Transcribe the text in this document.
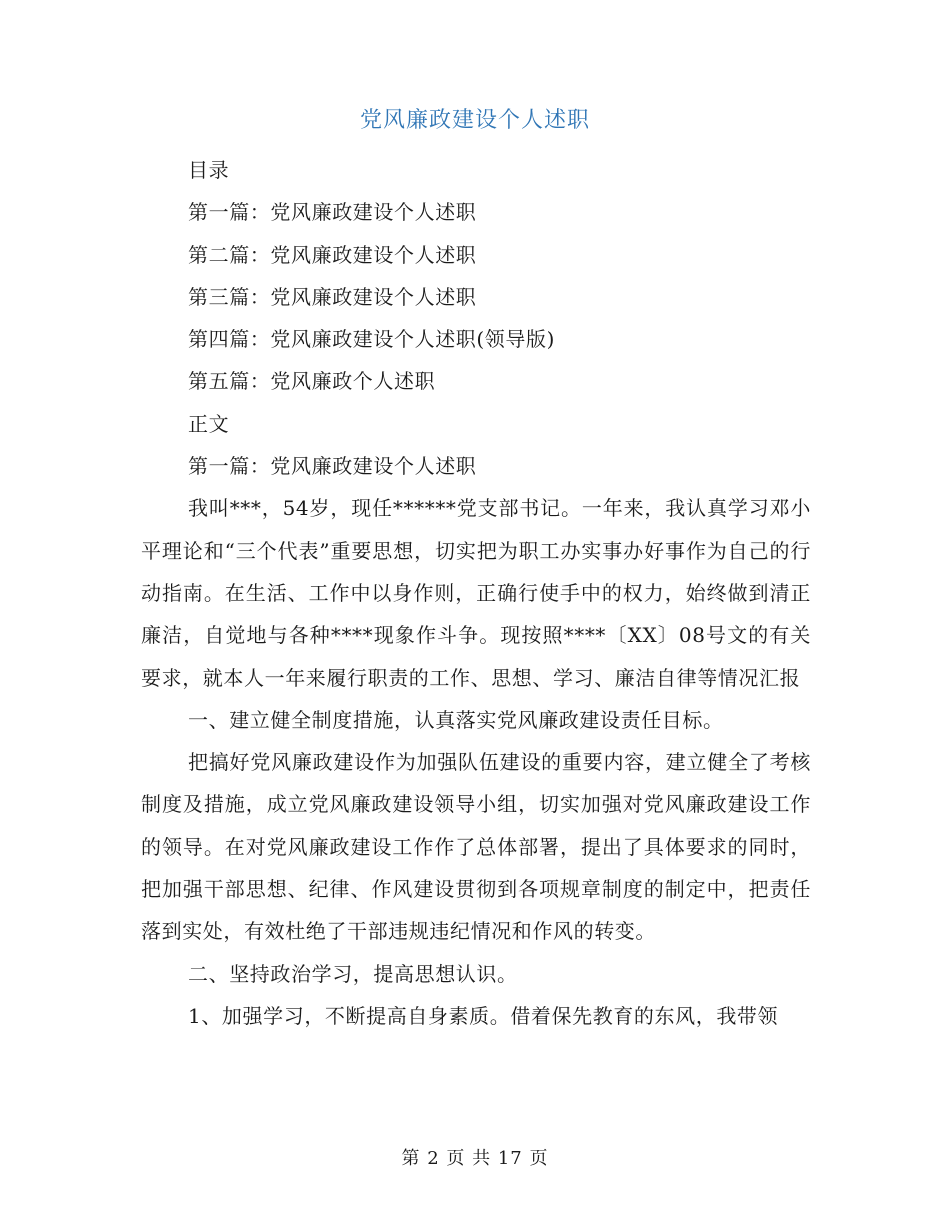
党风廉政建设个人述职

目录

第一篇：党风廉政建设个人述职

第二篇：党风廉政建设个人述职

第三篇：党风廉政建设个人述职

第四篇：党风廉政建设个人述职(领导版)

第五篇：党风廉政个人述职

正文

第一篇：党风廉政建设个人述职

我叫***，54岁，现任******党支部书记。一年来，我认真学习邓小平理论和“三个代表”重要思想，切实把为职工办实事办好事作为自己的行动指南。在生活、工作中以身作则，正确行使手中的权力，始终做到清正廉洁，自觉地与各种****现象作斗争。现按照****〔XX〕08号文的有关要求，就本人一年来履行职责的工作、思想、学习、廉洁自律等情况汇报

一、建立健全制度措施，认真落实党风廉政建设责任目标。

把搞好党风廉政建设作为加强队伍建设的重要内容，建立健全了考核制度及措施，成立党风廉政建设领导小组，切实加强对党风廉政建设工作的领导。在对党风廉政建设工作作了总体部署，提出了具体要求的同时，把加强干部思想、纪律、作风建设贯彻到各项规章制度的制定中，把责任落到实处，有效杜绝了干部违规违纪情况和作风的转变。

二、坚持政治学习，提高思想认识。

1、加强学习，不断提高自身素质。借着保先教育的东风，我带领

第 2 页 共 17 页
